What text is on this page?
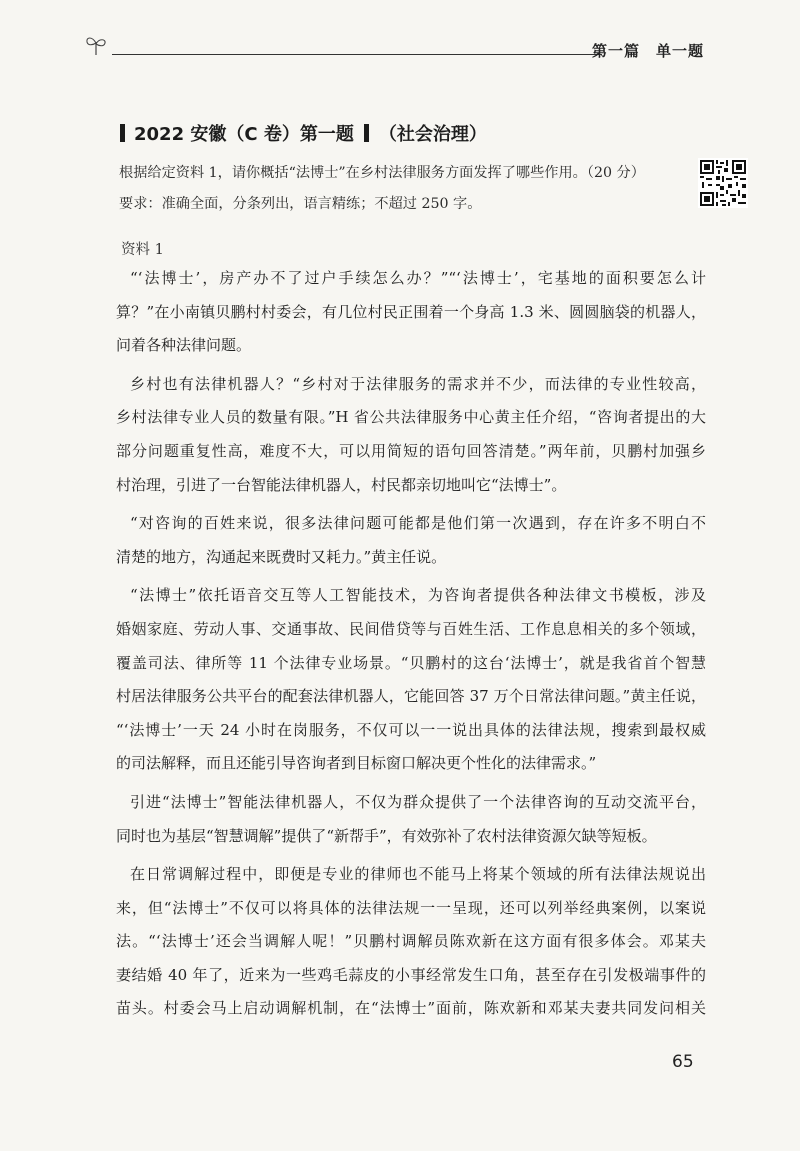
第一篇　单一题
2022 安徽（C 卷）第一题 （社会治理）

根据给定资料 1，请你概括“法博士”在乡村法律服务方面发挥了哪些作用。（20 分）

要求：准确全面，分条列出，语言精练；不超过 250 字。

资料 1

“‘法博士’，房产办不了过户手续怎么办？”“‘法博士’，宅基地的面积要怎么计
算？”在小南镇贝鹏村村委会，有几位村民正围着一个身高 1.3 米、圆圆脑袋的机器人，
问着各种法律问题。

乡村也有法律机器人？“乡村对于法律服务的需求并不少，而法律的专业性较高，
乡村法律专业人员的数量有限。”H 省公共法律服务中心黄主任介绍，“咨询者提出的大
部分问题重复性高，难度不大，可以用简短的语句回答清楚。”两年前，贝鹏村加强乡
村治理，引进了一台智能法律机器人，村民都亲切地叫它“法博士”。

“对咨询的百姓来说，很多法律问题可能都是他们第一次遇到，存在许多不明白不
清楚的地方，沟通起来既费时又耗力。”黄主任说。

“法博士”依托语音交互等人工智能技术，为咨询者提供各种法律文书模板，涉及
婚姻家庭、劳动人事、交通事故、民间借贷等与百姓生活、工作息息相关的多个领域，
覆盖司法、律所等 11 个法律专业场景。“贝鹏村的这台‘法博士’，就是我省首个智慧
村居法律服务公共平台的配套法律机器人，它能回答 37 万个日常法律问题。”黄主任说，
“‘法博士’一天 24 小时在岗服务，不仅可以一一说出具体的法律法规，搜索到最权威
的司法解释，而且还能引导咨询者到目标窗口解决更个性化的法律需求。”

引进“法博士”智能法律机器人，不仅为群众提供了一个法律咨询的互动交流平台，
同时也为基层“智慧调解”提供了“新帮手”，有效弥补了农村法律资源欠缺等短板。

在日常调解过程中，即便是专业的律师也不能马上将某个领域的所有法律法规说出
来，但“法博士”不仅可以将具体的法律法规一一呈现，还可以列举经典案例，以案说
法。“‘法博士’还会当调解人呢！”贝鹏村调解员陈欢新在这方面有很多体会。邓某夫
妻结婚 40 年了，近来为一些鸡毛蒜皮的小事经常发生口角，甚至存在引发极端事件的
苗头。村委会马上启动调解机制，在“法博士”面前，陈欢新和邓某夫妻共同发问相关

65
